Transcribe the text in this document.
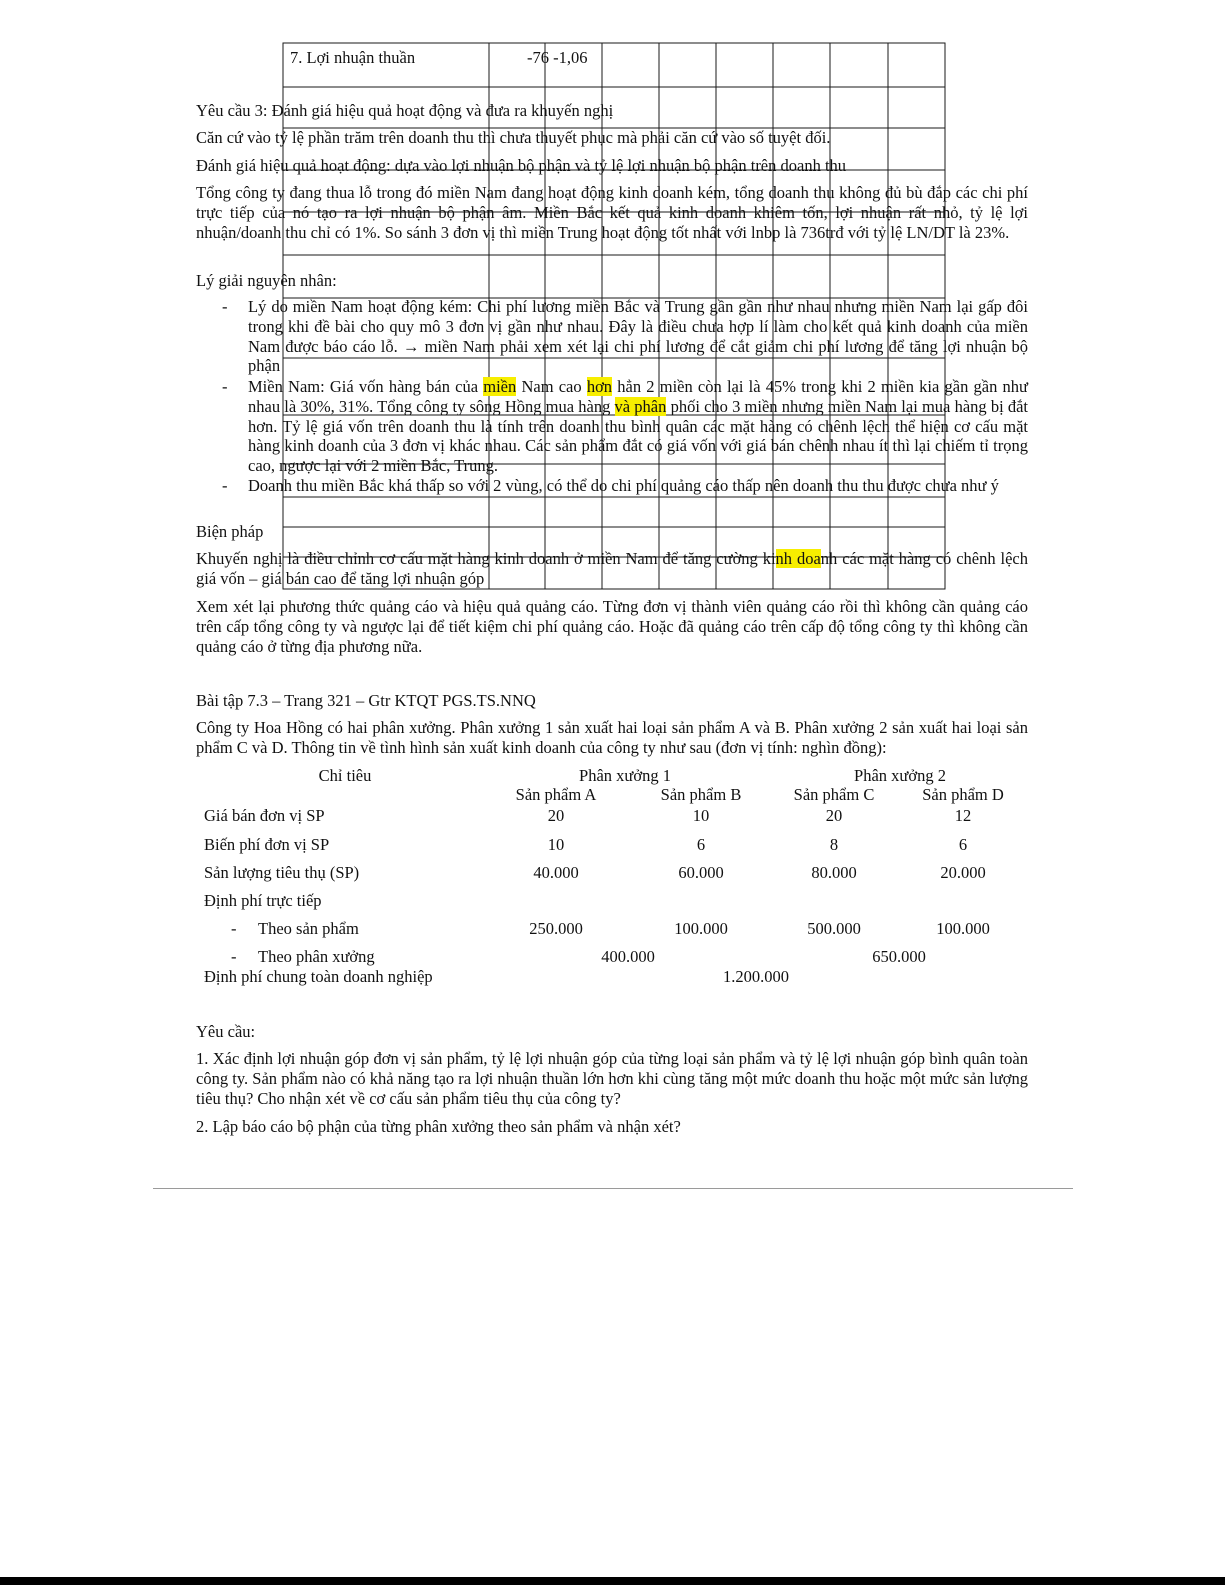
7. Lợi nhuận thuần	-76 -1,06
Yêu cầu 3: Đánh giá hiệu quả hoạt động và đưa ra khuyến nghị
Căn cứ vào tỷ lệ phần trăm trên doanh thu thì chưa thuyết phục mà phải căn cứ vào số tuyệt đối.
Đánh giá hiệu quả hoạt động: dựa vào lợi nhuận bộ phận và tỷ lệ lợi nhuận bộ phận trên doanh thu
Tổng công ty đang thua lỗ trong đó miền Nam đang hoạt động kinh doanh kém, tổng doanh thu không đủ bù đắp các chi phí trực tiếp của nó tạo ra lợi nhuận bộ phận âm. Miền Bắc kết quả kinh doanh khiêm tốn, lợi nhuận rất nhỏ, tỷ lệ lợi nhuận/doanh thu chỉ có 1%. So sánh 3 đơn vị thì miền Trung hoạt động tốt nhất với lnbp là 736trđ với tỷ lệ LN/DT là 23%.
Lý giải nguyên nhân:
- Lý do miền Nam hoạt động kém: Chi phí lương miền Bắc và Trung gần gần như nhau nhưng miền Nam lại gấp đôi trong khi đề bài cho quy mô 3 đơn vị gần như nhau. Đây là điều chưa hợp lí làm cho kết quả kinh doanh của miền Nam được báo cáo lỗ. → miền Nam phải xem xét lại chi phí lương để cắt giảm chi phí lương để tăng lợi nhuận bộ phận
- Miền Nam: Giá vốn hàng bán của miền Nam cao hơn hẳn 2 miền còn lại là 45% trong khi 2 miền kia gần gần như nhau là 30%, 31%. Tổng công ty sông Hồng mua hàng và phân phối cho 3 miền nhưng miền Nam lại mua hàng bị đắt hơn. Tỷ lệ giá vốn trên doanh thu là tính trên doanh thu bình quân các mặt hàng có chênh lệch thể hiện cơ cấu mặt hàng kinh doanh của 3 đơn vị khác nhau. Các sản phẩm đắt có giá vốn với giá bán chênh nhau ít thì lại chiếm tỉ trọng cao, ngược lại với 2 miền Bắc, Trung.
- Doanh thu miền Bắc khá thấp so với 2 vùng, có thể do chi phí quảng cáo thấp nên doanh thu thu được chưa như ý
Biện pháp
Khuyến nghị là điều chỉnh cơ cấu mặt hàng kinh doanh ở miền Nam để tăng cường kinh doanh các mặt hàng có chênh lệch giá vốn – giá bán cao để tăng lợi nhuận góp
Xem xét lại phương thức quảng cáo và hiệu quả quảng cáo. Từng đơn vị thành viên quảng cáo rồi thì không cần quảng cáo trên cấp tổng công ty và ngược lại để tiết kiệm chi phí quảng cáo. Hoặc đã quảng cáo trên cấp độ tổng công ty thì không cần quảng cáo ở từng địa phương nữa.
Bài tập 7.3 – Trang 321 – Gtr KTQT PGS.TS.NNQ
Công ty Hoa Hồng có hai phân xưởng. Phân xưởng 1 sản xuất hai loại sản phẩm A và B. Phân xưởng 2 sản xuất hai loại sản phẩm C và D. Thông tin về tình hình sản xuất kinh doanh của công ty như sau (đơn vị tính: nghìn đồng):
Chỉ tiêu	Phân xưởng 1	Phân xưởng 2
Sản phẩm A	Sản phẩm B	Sản phẩm C	Sản phẩm D
Giá bán đơn vị SP	20	10	20	12
Biến phí đơn vị SP	10	6	8	6
Sản lượng tiêu thụ (SP)	40.000	60.000	80.000	20.000
Định phí trực tiếp
- Theo sản phẩm	250.000	100.000	500.000	100.000
- Theo phân xưởng	400.000	650.000
Định phí chung toàn doanh nghiệp	1.200.000
Yêu cầu:
1. Xác định lợi nhuận góp đơn vị sản phẩm, tỷ lệ lợi nhuận góp của từng loại sản phẩm và tỷ lệ lợi nhuận góp bình quân toàn công ty. Sản phẩm nào có khả năng tạo ra lợi nhuận thuần lớn hơn khi cùng tăng một mức doanh thu hoặc một mức sản lượng tiêu thụ? Cho nhận xét về cơ cấu sản phẩm tiêu thụ của công ty?
2. Lập báo cáo bộ phận của từng phân xưởng theo sản phẩm và nhận xét?
